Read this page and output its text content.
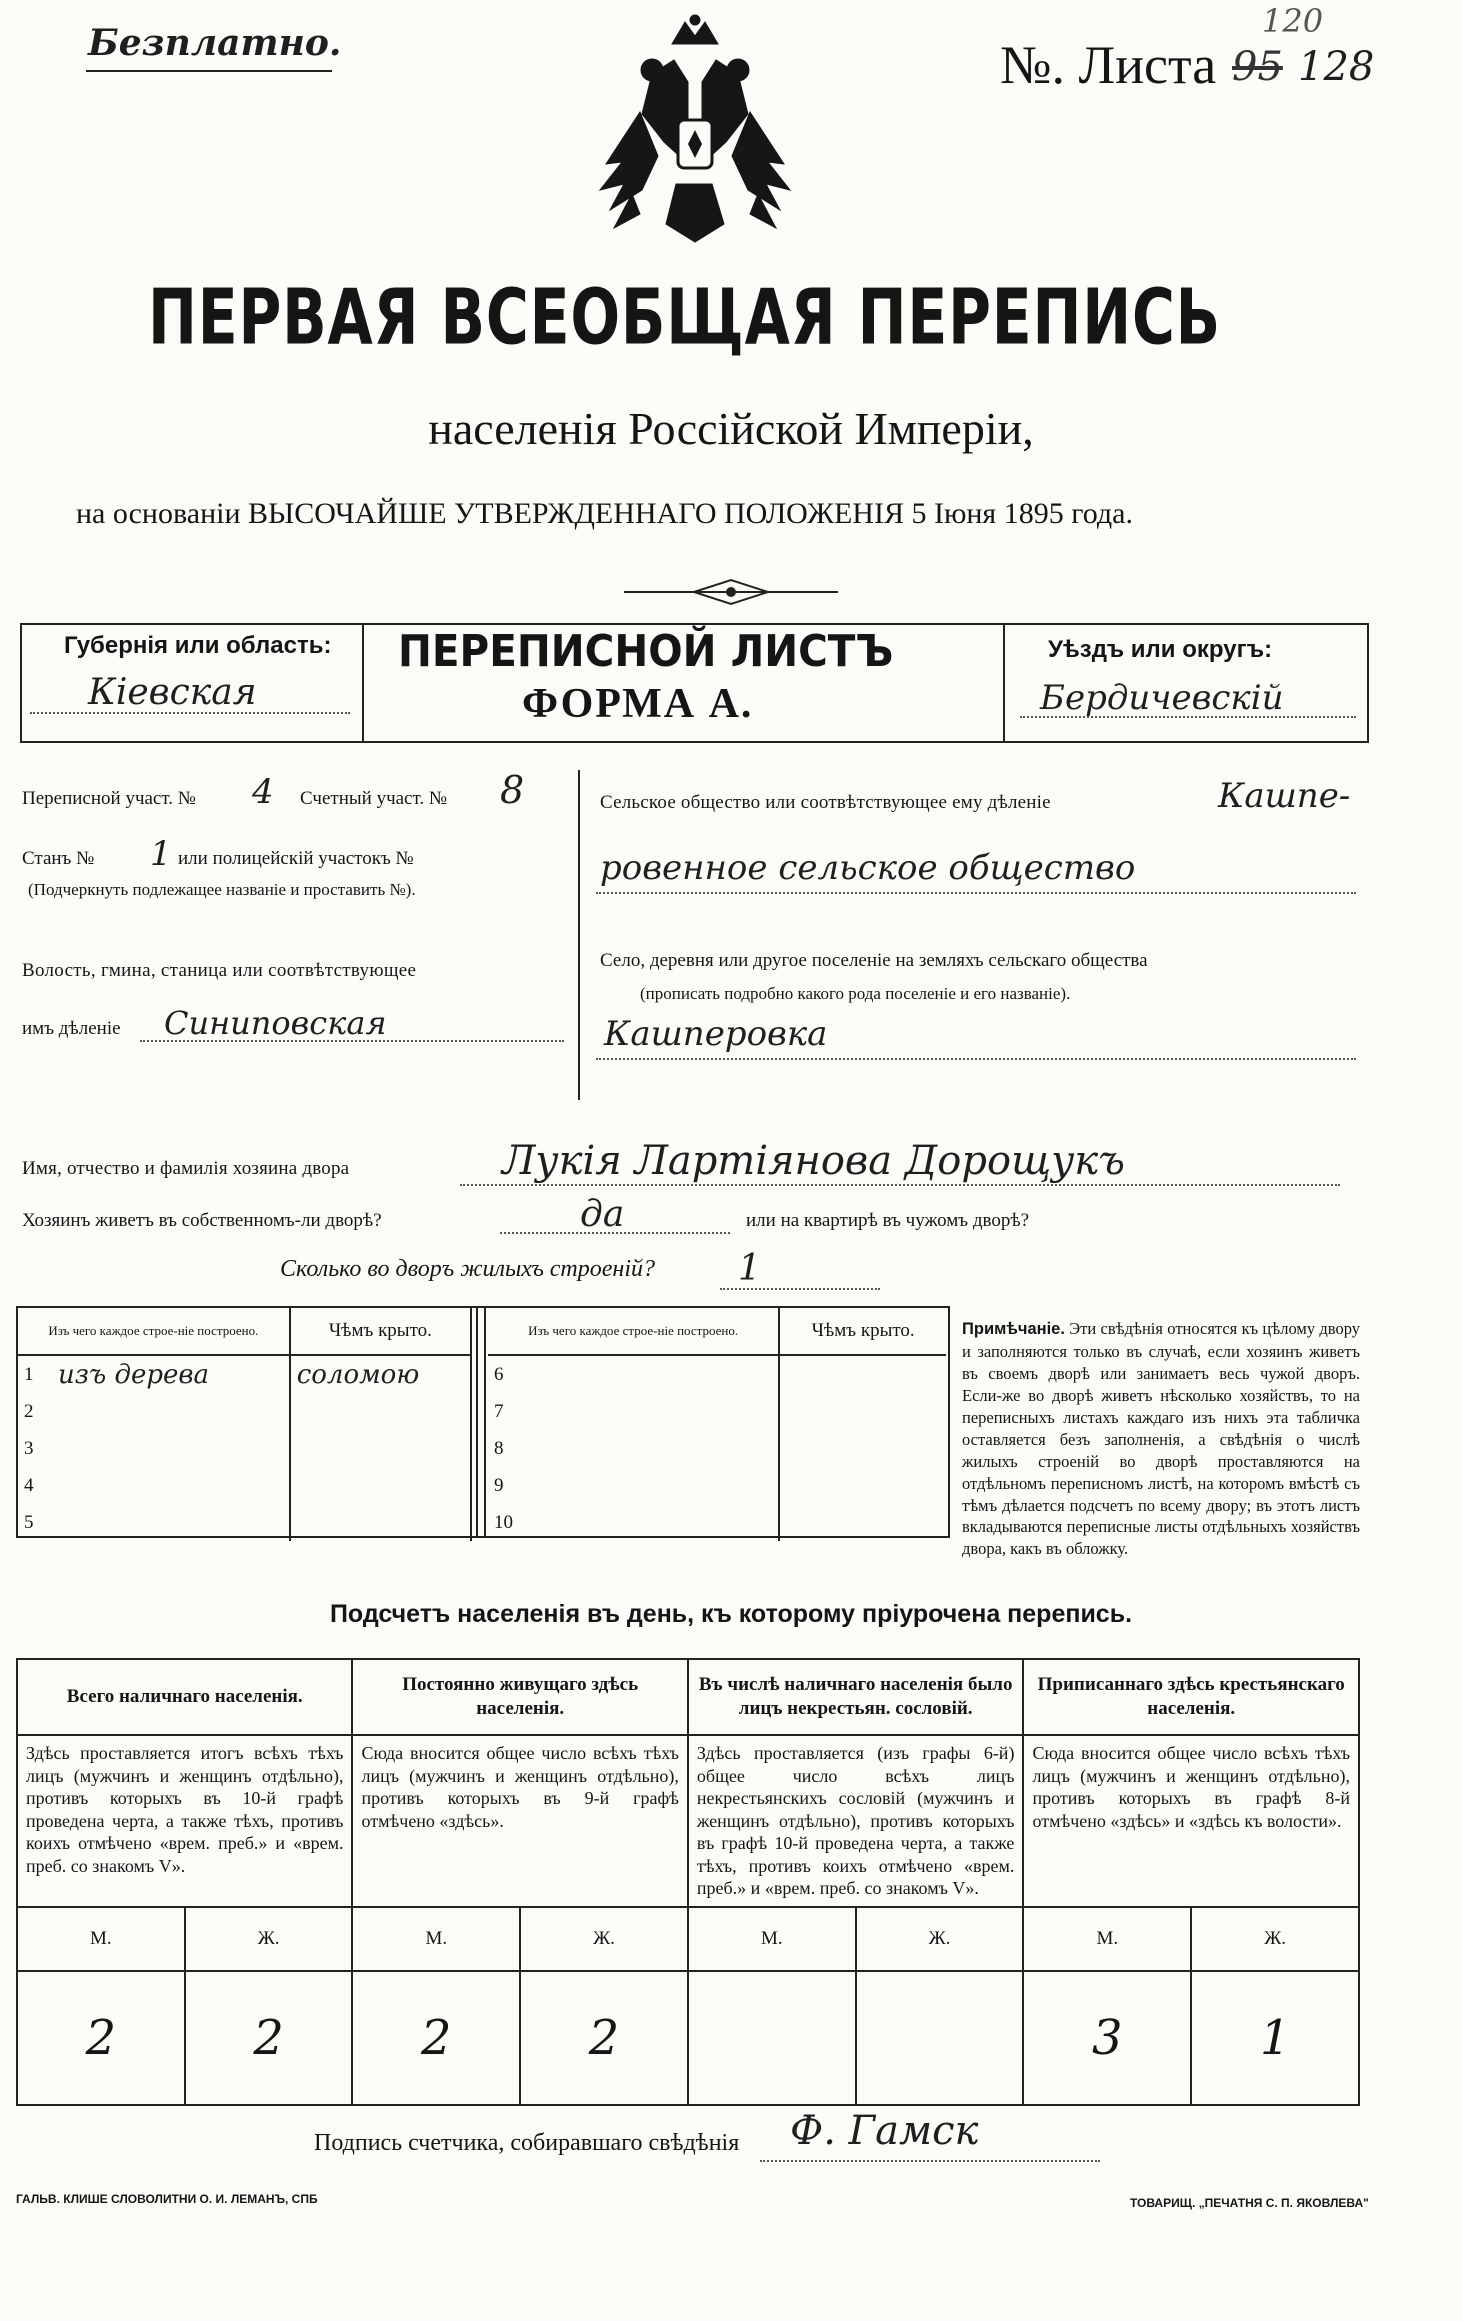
Безплатно.	№. Листа 95 128
120
ПЕРВАЯ ВСЕОБЩАЯ ПЕРЕПИСЬ
населенія Россійской Имперіи,
на основаніи ВЫСОЧАЙШЕ УТВЕРЖДЕННАГО ПОЛОЖЕНІЯ 5 Іюня 1895 года.
Губернія или область:
Кіевская
ПЕРЕПИСНОЙ ЛИСТЪ
ФОРМА А.
Уѣздъ или округъ:
Бердичевскій
Переписной участ. № 4 Счетный участ. № 8
Станъ № 1 или полицейскій участокъ №
(Подчеркнуть подлежащее названіе и проставить №).
Волость, гмина, станица или соотвѣтствующее
имъ дѣленіе Синиповская
Сельское общество или соотвѣтствующее ему дѣленіе	Кашпе-
ровенное сельское общество
Село, деревня или другое поселеніе на земляхъ сельскаго общества
(прописать подробно какого рода поселеніе и его названіе).
Кашперовка
Имя, отчество и фамилія хозяина двора	Лукія Лартіянова Дорощукъ
Хозяинъ живетъ въ собственномъ-ли дворѣ?	да	или на квартирѣ въ чужомъ дворѣ?
Сколько во дворъ жилыхъ строеній? 1
Изъ чего каждое строе-ніе построено.		Чѣмъ крыто.
1	изъ дерева	соломою
2		
3		
4		
5		
Изъ чего каждое строе-ніе построено.		Чѣмъ крыто.
6		
7		
8		
9		
10		
Примѣчаніе. Эти свѣдѣнія относятся къ цѣлому двору и заполняются только въ случаѣ, если хозяинъ живетъ въ своемъ дворѣ или занимаетъ весь чужой дворъ. Если-же во дворѣ живетъ нѣсколько хозяйствъ, то на переписныхъ листахъ каждаго изъ нихъ эта табличка оставляется безъ заполненія, а свѣдѣнія о числѣ жилыхъ строеній во дворѣ проставляются на отдѣльномъ переписномъ листѣ, на которомъ вмѣстѣ съ тѣмъ дѣлается подсчетъ по всему двору; въ этотъ листъ вкладываются переписные листы отдѣльныхъ хозяйствъ двора, какъ въ обложку.
Подсчетъ населенія въ день, къ которому пріурочена перепись.
Всего наличнаго населенія.		Постоянно живущаго здѣсь населенія.		Въ числѣ наличнаго населенія было лицъ некрестьян. сословій.		Приписаннаго здѣсь крестьянскаго населенія.	
Здѣсь проставляется итогъ всѣхъ тѣхъ лицъ (мужчинъ и женщинъ отдѣльно), противъ которыхъ въ 10-й графѣ проведена черта, а также тѣхъ, противъ коихъ отмѣчено «врем. преб.» и «врем. преб. со знакомъ V».		Сюда вносится общее число всѣхъ тѣхъ лицъ (мужчинъ и женщинъ отдѣльно), противъ которыхъ въ 9-й графѣ отмѣчено «здѣсь».		Здѣсь проставляется (изъ графы 6-й) общее число всѣхъ лицъ некрестьянскихъ сословій (мужчинъ и женщинъ отдѣльно), противъ которыхъ въ графѣ 10-й проведена черта, а также тѣхъ, противъ коихъ отмѣчено «врем. преб.» и «врем. преб. со знакомъ V».		Сюда вносится общее число всѣхъ тѣхъ лицъ (мужчинъ и женщинъ отдѣльно), противъ которыхъ въ графѣ 8-й отмѣчено «здѣсь» и «здѣсь къ волости».	
М.	Ж.	М.	Ж.	М.	Ж.	М.	Ж.
2	2	2	2			3	1
Подпись счетчика, собиравшаго свѣдѣнія Ф. Гамск
ГАЛЬВ. КЛИШЕ СЛОВОЛИТНИ О. И. ЛЕМАНЪ, СПБ	ТОВАРИЩ. „ПЕЧАТНЯ С. П. ЯКОВЛЕВА"
